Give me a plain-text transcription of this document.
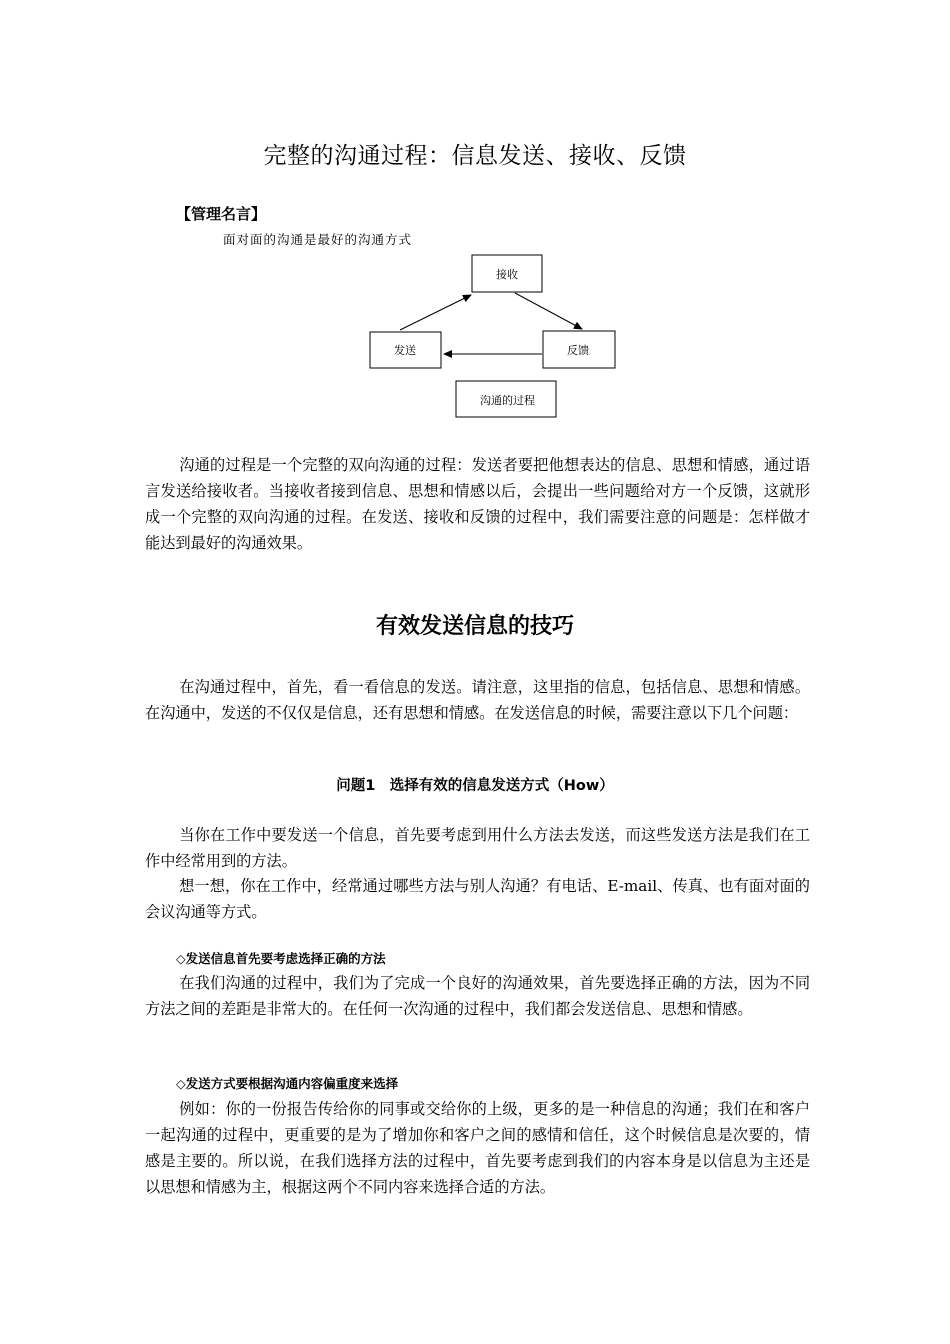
完整的沟通过程：信息发送、接收、反馈
【管理名言】
面对面的沟通是最好的沟通方式
接收
发送	反馈
沟通的过程

沟通的过程是一个完整的双向沟通的过程：发送者要把他想表达的信息、思想和情感，通过语言发送给接收者。当接收者接到信息、思想和情感以后，会提出一些问题给对方一个反馈，这就形成一个完整的双向沟通的过程。在发送、接收和反馈的过程中，我们需要注意的问题是：怎样做才能达到最好的沟通效果。

有效发送信息的技巧

在沟通过程中，首先，看一看信息的发送。请注意，这里指的信息，包括信息、思想和情感。在沟通中，发送的不仅仅是信息，还有思想和情感。在发送信息的时候，需要注意以下几个问题：

问题1　选择有效的信息发送方式（How）

当你在工作中要发送一个信息，首先要考虑到用什么方法去发送，而这些发送方法是我们在工作中经常用到的方法。

想一想，你在工作中，经常通过哪些方法与别人沟通？有电话、E-mail、传真、也有面对面的会议沟通等方式。

◇发送信息首先要考虑选择正确的方法

在我们沟通的过程中，我们为了完成一个良好的沟通效果，首先要选择正确的方法，因为不同方法之间的差距是非常大的。在任何一次沟通的过程中，我们都会发送信息、思想和情感。

◇发送方式要根据沟通内容偏重度来选择

例如：你的一份报告传给你的同事或交给你的上级，更多的是一种信息的沟通；我们在和客户一起沟通的过程中，更重要的是为了增加你和客户之间的感情和信任，这个时候信息是次要的，情感是主要的。所以说，在我们选择方法的过程中，首先要考虑到我们的内容本身是以信息为主还是以思想和情感为主，根据这两个不同内容来选择合适的方法。
